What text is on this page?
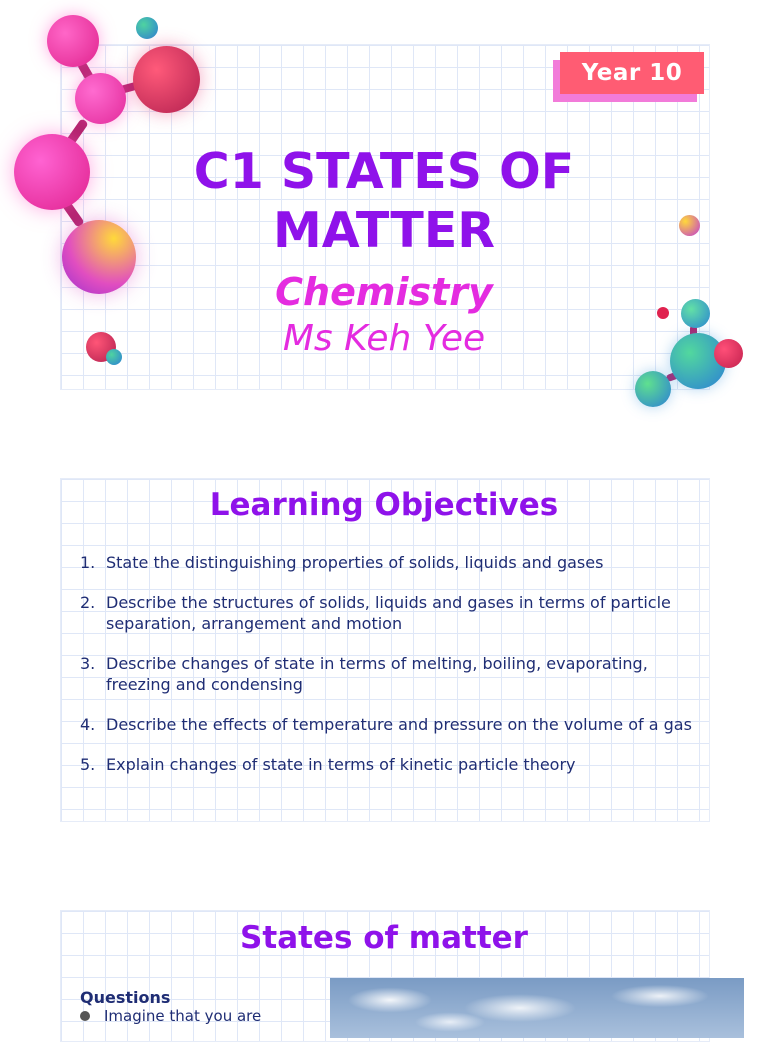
Year 10
C1 STATES OF
MATTER
Chemistry
Ms Keh Yee
Learning Objectives
1. State the distinguishing properties of solids, liquids and gases
2. Describe the structures of solids, liquids and gases in terms of particle separation, arrangement and motion
3. Describe changes of state in terms of melting, boiling, evaporating, freezing and condensing
4. Describe the effects of temperature and pressure on the volume of a gas
5. Explain changes of state in terms of kinetic particle theory
States of matter
Questions
Imagine that you are
